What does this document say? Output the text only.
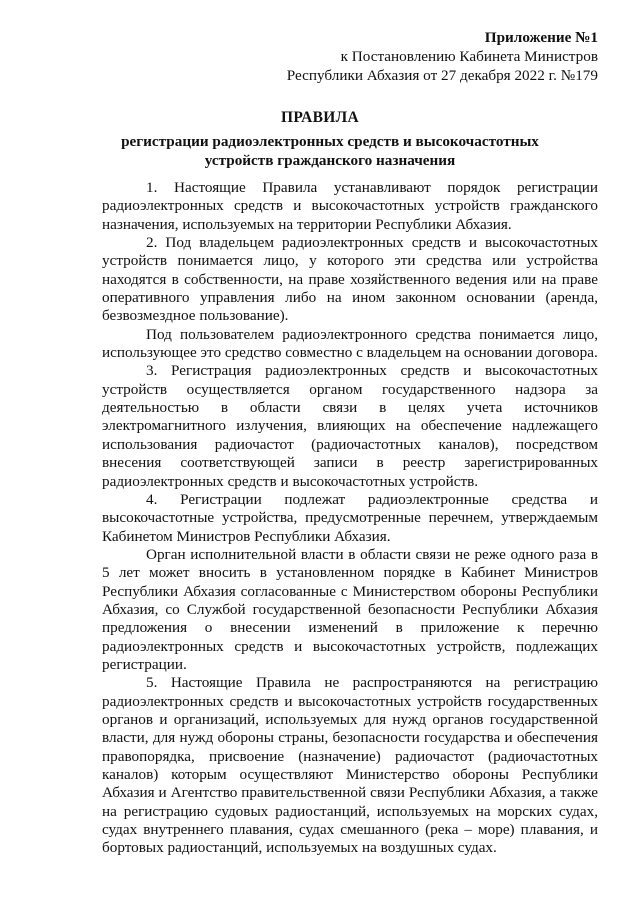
Приложение №1
к Постановлению Кабинета Министров
Республики Абхазия от 27 декабря 2022 г. №179
ПРАВИЛА
регистрации радиоэлектронных средств и высокочастотных устройств гражданского назначения

1. Настоящие Правила устанавливают порядок регистрации радиоэлектронных средств и высокочастотных устройств гражданского назначения, используемых на территории Республики Абхазия.

2. Под владельцем радиоэлектронных средств и высокочастотных устройств понимается лицо, у которого эти средства или устройства находятся в собственности, на праве хозяйственного ведения или на праве оперативного управления либо на ином законном основании (аренда, безвозмездное пользование).

Под пользователем радиоэлектронного средства понимается лицо, использующее это средство совместно с владельцем на основании договора.

3. Регистрация радиоэлектронных средств и высокочастотных устройств осуществляется органом государственного надзора за деятельностью в области связи в целях учета источников электромагнитного излучения, влияющих на обеспечение надлежащего использования радиочастот (радиочастотных каналов), посредством внесения соответствующей записи в реестр зарегистрированных радиоэлектронных средств и высокочастотных устройств.

4. Регистрации подлежат радиоэлектронные средства и высокочастотные устройства, предусмотренные перечнем, утверждаемым Кабинетом Министров Республики Абхазия.

Орган исполнительной власти в области связи не реже одного раза в 5 лет может вносить в установленном порядке в Кабинет Министров Республики Абхазия согласованные с Министерством обороны Республики Абхазия, со Службой государственной безопасности Республики Абхазия предложения о внесении изменений в приложение к перечню радиоэлектронных средств и высокочастотных устройств, подлежащих регистрации.

5. Настоящие Правила не распространяются на регистрацию радиоэлектронных средств и высокочастотных устройств государственных органов и организаций, используемых для нужд органов государственной власти, для нужд обороны страны, безопасности государства и обеспечения правопорядка, присвоение (назначение) радиочастот (радиочастотных каналов) которым осуществляют Министерство обороны Республики Абхазия и Агентство правительственной связи Республики Абхазия, а также на регистрацию судовых радиостанций, используемых на морских судах, судах внутреннего плавания, судах смешанного (река – море) плавания, и бортовых радиостанций, используемых на воздушных судах.
